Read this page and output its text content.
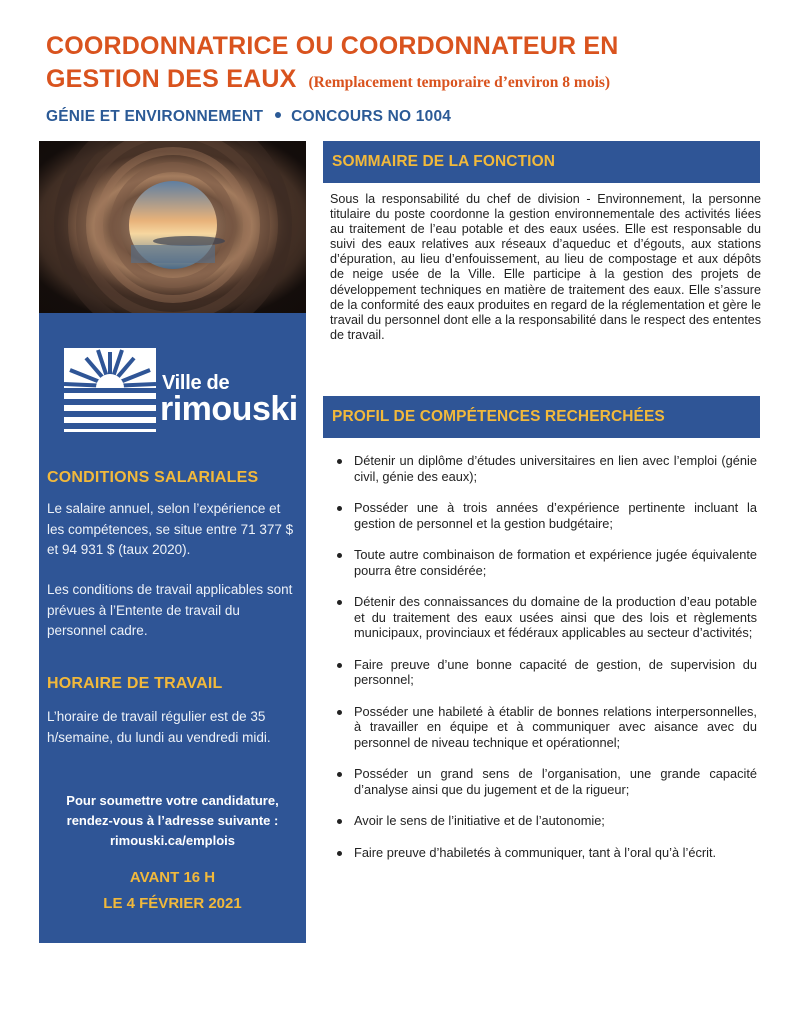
COORDONNATRICE OU COORDONNATEUR EN
GESTION DES EAUX (Remplacement temporaire d’environ 8 mois)
GÉNIE ET ENVIRONNEMENT CONCOURS NO 1004
Ville de
rimouski
CONDITIONS SALARIALES
Le salaire annuel, selon l’expérience et les compétences, se situe entre 71 377 $ et 94 931 $ (taux 2020).
Les conditions de travail applicables sont prévues à l’Entente de travail du personnel cadre.
HORAIRE DE TRAVAIL
L’horaire de travail régulier est de 35 h/semaine, du lundi au vendredi midi.
Pour soumettre votre candidature,
rendez-vous à l’adresse suivante :
rimouski.ca/emplois
AVANT 16 H
LE 4 FÉVRIER 2021
SOMMAIRE DE LA FONCTION
Sous la responsabilité du chef de division - Environnement, la personne titulaire du poste coordonne la gestion environnementale des activités liées au traitement de l’eau potable et des eaux usées. Elle est responsable du suivi des eaux relatives aux réseaux d’aqueduc et d’égouts, aux stations d’épuration, au lieu d’enfouissement, au lieu de compostage et aux dépôts de neige usée de la Ville. Elle participe à la gestion des projets de développement techniques en matière de traitement des eaux. Elle s’assure de la conformité des eaux produites en regard de la réglementation et gère le travail du personnel dont elle a la responsabilité dans le respect des ententes de travail.
PROFIL DE COMPÉTENCES RECHERCHÉES
Détenir un diplôme d’études universitaires en lien avec l’emploi (génie civil, génie des eaux);
Posséder une à trois années d’expérience pertinente incluant la gestion de personnel et la gestion budgétaire;
Toute autre combinaison de formation et expérience jugée équivalente pourra être considérée;
Détenir des connaissances du domaine de la production d’eau potable et du traitement des eaux usées ainsi que des lois et règlements municipaux, provinciaux et fédéraux applicables au secteur d’activités;
Faire preuve d’une bonne capacité de gestion, de supervision du personnel;
Posséder une habileté à établir de bonnes relations interpersonnelles, à travailler en équipe et à communiquer avec aisance avec du personnel de niveau technique et opérationnel;
Posséder un grand sens de l’organisation, une grande capacité d’analyse ainsi que du jugement et de la rigueur;
Avoir le sens de l’initiative et de l’autonomie;
Faire preuve d’habiletés à communiquer, tant à l’oral qu’à l’écrit.
